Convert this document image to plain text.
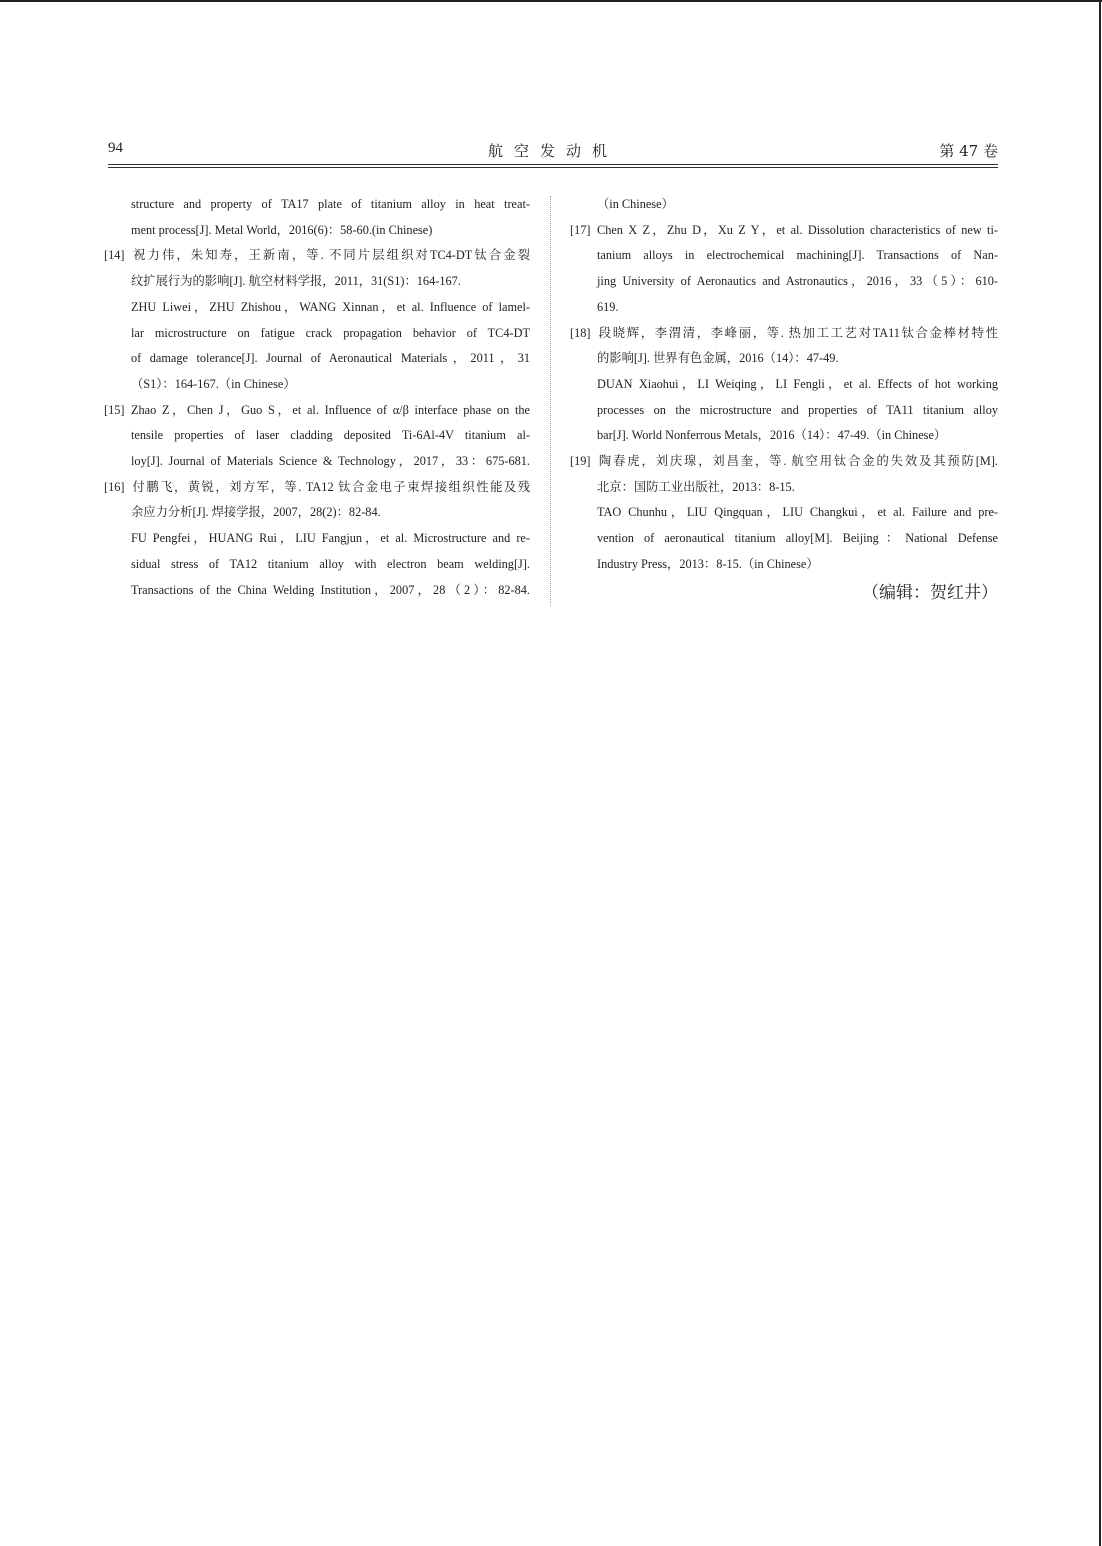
94	航空发动机	第 47 卷
structure and property of TA17 plate of titanium alloy in heat treat-
ment process[J]. Metal World，2016(6)：58-60.(in Chinese)
[14] 祝力伟，朱知寿，王新南，等. 不同片层组织对TC4-DT钛合金裂
纹扩展行为的影响[J]. 航空材料学报，2011，31(S1)：164-167.
ZHU Liwei，ZHU Zhishou，WANG Xinnan，et al. Influence of lamel-
lar microstructure on fatigue crack propagation behavior of TC4-DT
of damage tolerance[J]. Journal of Aeronautical Materials，2011，31
（S1）：164-167.（in Chinese）
[15] Zhao Z，Chen J，Guo S，et al. Influence of α/β interface phase on the
tensile properties of laser cladding deposited Ti-6Al-4V titanium al-
loy[J]. Journal of Materials Science & Technology，2017，33：675-681.
[16] 付鹏飞，黄锐，刘方军，等. TA12 钛合金电子束焊接组织性能及残
余应力分析[J]. 焊接学报，2007，28(2)：82-84.
FU Pengfei，HUANG Rui，LIU Fangjun，et al. Microstructure and re-
sidual stress of TA12 titanium alloy with electron beam welding[J].
Transactions of the China Welding Institution，2007，28（2）：82-84.
（in Chinese）
[17] Chen X Z，Zhu D，Xu Z Y，et al. Dissolution characteristics of new ti-
tanium alloys in electrochemical machining[J]. Transactions of Nan-
jing University of Aeronautics and Astronautics，2016，33（5）：610-
619.
[18] 段晓辉，李渭清，李峰丽，等. 热加工工艺对TA11钛合金棒材特性
的影响[J]. 世界有色金属，2016（14）：47-49.
DUAN Xiaohui，LI Weiqing，LI Fengli，et al. Effects of hot working
processes on the microstructure and properties of TA11 titanium alloy
bar[J]. World Nonferrous Metals，2016（14）：47-49.（in Chinese）
[19] 陶春虎，刘庆瑔，刘昌奎，等. 航空用钛合金的失效及其预防[M].
北京：国防工业出版社，2013：8-15.
TAO Chunhu，LIU Qingquan，LIU Changkui，et al. Failure and pre-
vention of aeronautical titanium alloy[M]. Beijing：National Defense
Industry Press，2013：8-15.（in Chinese）
（编辑：贺红井）
